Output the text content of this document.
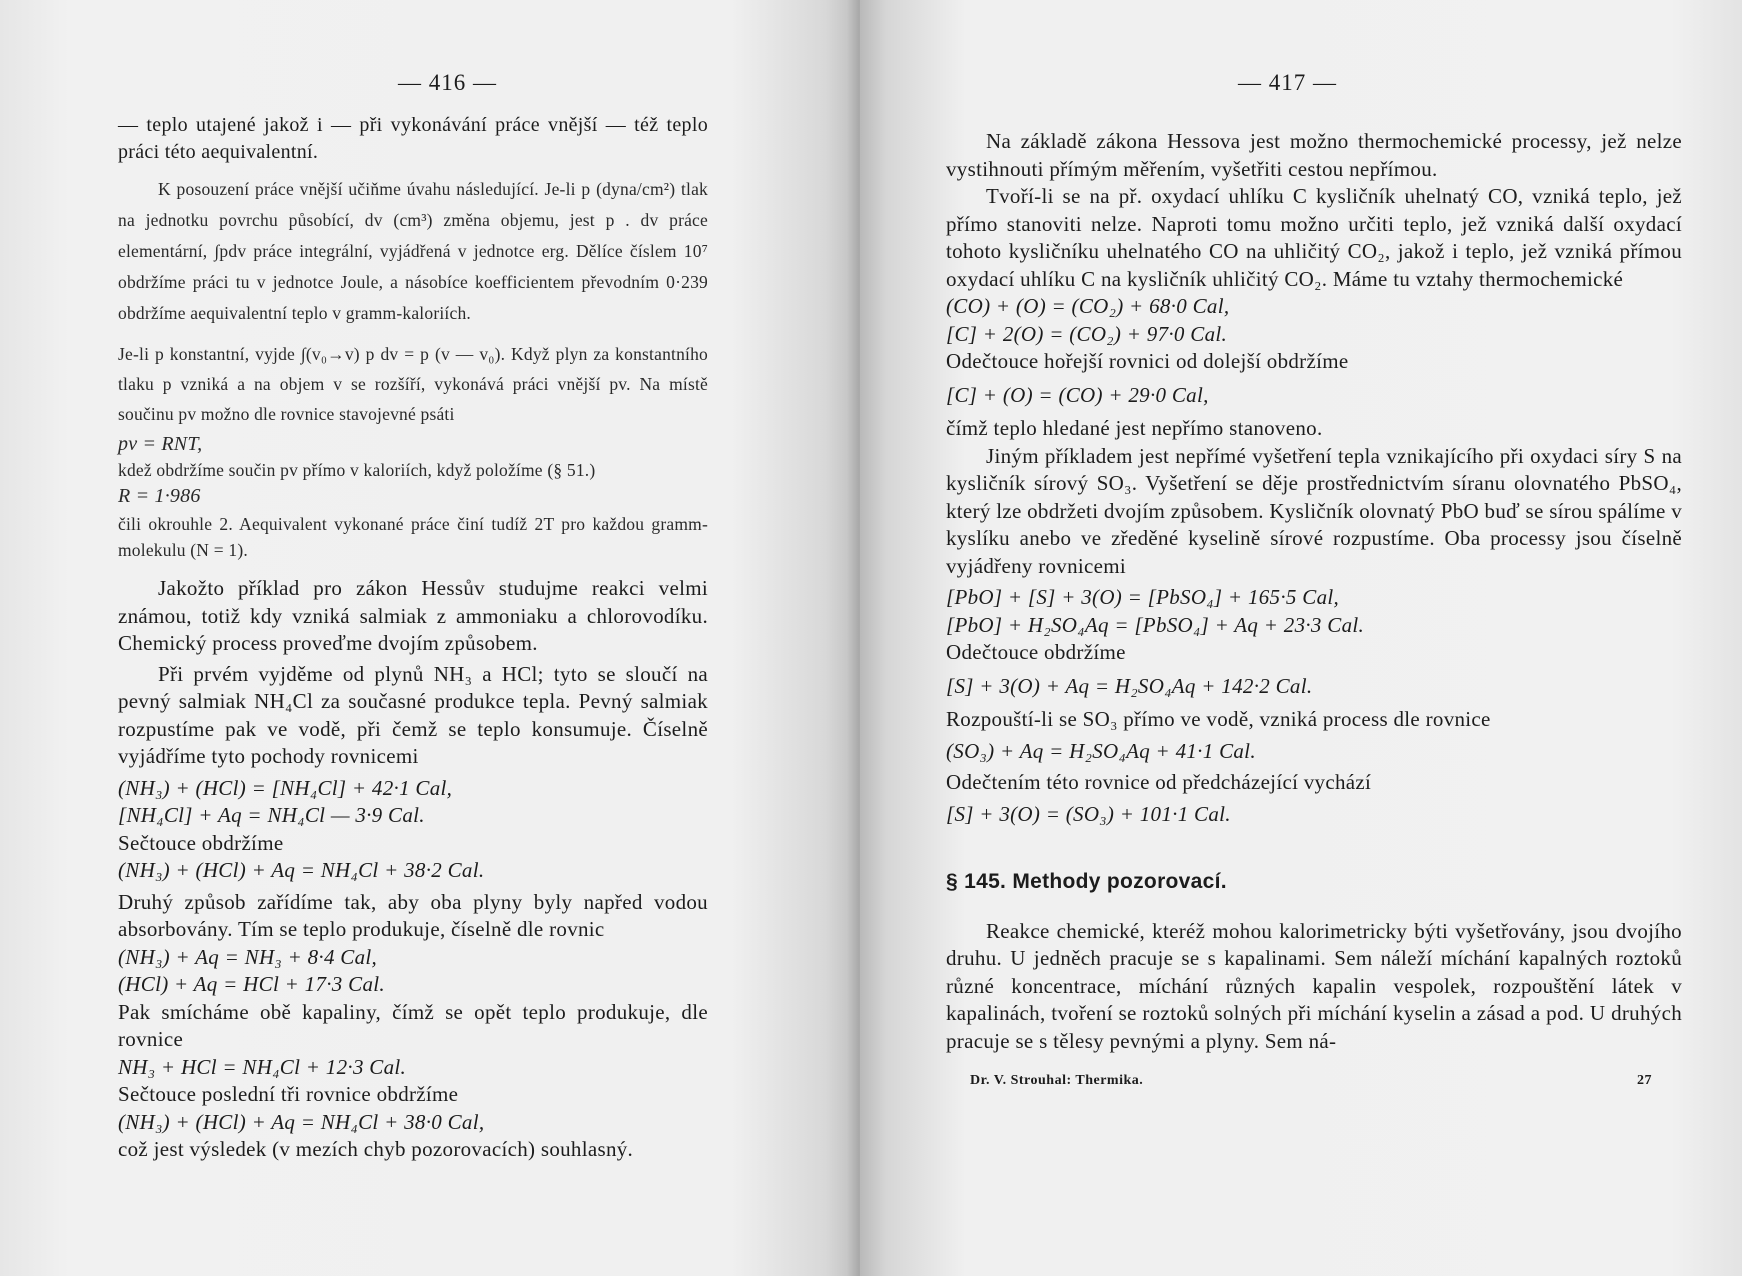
— 416 —

— teplo utajené jakož i — při vykonávání práce vnější — též teplo práci této aequivalentní.

K posouzení práce vnější učiňme úvahu následující. Je-li p (dyna/cm²) tlak na jednotku povrchu působící, dv (cm³) změna objemu, jest p . dv práce elementární, ∫pdv práce integrální, vyjádřená v jednotce erg. Dělíce číslem 10⁷ obdržíme práci tu v jednotce Joule, a násobíce koefficientem převodním 0·239 obdržíme aequivalentní teplo v gramm-kaloriích.

Je-li p konstantní, vyjde ∫(v₀→v) p dv = p (v — v₀). Když plyn za konstantního tlaku p vzniká a na objem v se rozšíří, vykonává práci vnější pv. Na místě součinu pv možno dle rovnice stavojevné psáti

pv = RNT,

kdež obdržíme součin pv přímo v kaloriích, když položíme (§ 51.)

R = 1·986

čili okrouhle 2. Aequivalent vykonané práce činí tudíž 2T pro každou gramm-molekulu (N = 1).

Jakožto příklad pro zákon Hessův studujme reakci velmi známou, totiž kdy vzniká salmiak z ammoniaku a chlorovodíku. Chemický process proveďme dvojím způsobem.

Při prvém vyjděme od plynů NH₃ a HCl; tyto se sloučí na pevný salmiak NH₄Cl za současné produkce tepla. Pevný salmiak rozpustíme pak ve vodě, při čemž se teplo konsumuje. Číselně vyjádříme tyto pochody rovnicemi

(NH₃) + (HCl) = [NH₄Cl] + 42·1 Cal,

[NH₄Cl] + Aq = NH₄Cl — 3·9 Cal.

Sečtouce obdržíme

(NH₃) + (HCl) + Aq = NH₄Cl + 38·2 Cal.

Druhý způsob zařídíme tak, aby oba plyny byly napřed vodou absorbovány. Tím se teplo produkuje, číselně dle rovnic

(NH₃) + Aq = NH₃ + 8·4 Cal,

(HCl) + Aq = HCl + 17·3 Cal.

Pak smícháme obě kapaliny, čímž se opět teplo produkuje, dle rovnice

NH₃ + HCl = NH₄Cl + 12·3 Cal.

Sečtouce poslední tři rovnice obdržíme

(NH₃) + (HCl) + Aq = NH₄Cl + 38·0 Cal,

což jest výsledek (v mezích chyb pozorovacích) souhlasný.

— 417 —

Na základě zákona Hessova jest možno thermochemické processy, jež nelze vystihnouti přímým měřením, vyšetřiti cestou nepřímou.

Tvoří-li se na př. oxydací uhlíku C kysličník uhelnatý CO, vzniká teplo, jež přímo stanoviti nelze. Naproti tomu možno určiti teplo, jež vzniká další oxydací tohoto kysličníku uhelnatého CO na uhličitý CO₂, jakož i teplo, jež vzniká přímou oxydací uhlíku C na kysličník uhličitý CO₂. Máme tu vztahy thermochemické

(CO) + (O) = (CO₂) + 68·0 Cal,

[C] + 2(O) = (CO₂) + 97·0 Cal.

Odečtouce hořejší rovnici od dolejší obdržíme

[C] + (O) = (CO) + 29·0 Cal,

čímž teplo hledané jest nepřímo stanoveno.

Jiným příkladem jest nepřímé vyšetření tepla vznikajícího při oxydaci síry S na kysličník sírový SO₃. Vyšetření se děje prostřednictvím síranu olovnatého PbSO₄, který lze obdržeti dvojím způsobem. Kysličník olovnatý PbO buď se sírou spálíme v kyslíku anebo ve zředěné kyselině sírové rozpustíme. Oba processy jsou číselně vyjádřeny rovnicemi

[PbO] + [S] + 3(O) = [PbSO₄] + 165·5 Cal,

[PbO] + H₂SO₄Aq = [PbSO₄] + Aq + 23·3 Cal.

Odečtouce obdržíme

[S] + 3(O) + Aq = H₂SO₄Aq + 142·2 Cal.

Rozpouští-li se SO₃ přímo ve vodě, vzniká process dle rovnice

(SO₃) + Aq = H₂SO₄Aq + 41·1 Cal.

Odečtením této rovnice od předcházející vychází

[S] + 3(O) = (SO₃) + 101·1 Cal.

§ 145. Methody pozorovací.

Reakce chemické, kteréž mohou kalorimetricky býti vyšetřovány, jsou dvojího druhu. U jedněch pracuje se s kapalinami. Sem náleží míchání kapalných roztoků různé koncentrace, míchání různých kapalin vespolek, rozpouštění látek v kapalinách, tvoření se roztoků solných při míchání kyselin a zásad a pod. U druhých pracuje se s tělesy pevnými a plyny. Sem ná-

Dr. V. Strouhal: Thermika.	27
